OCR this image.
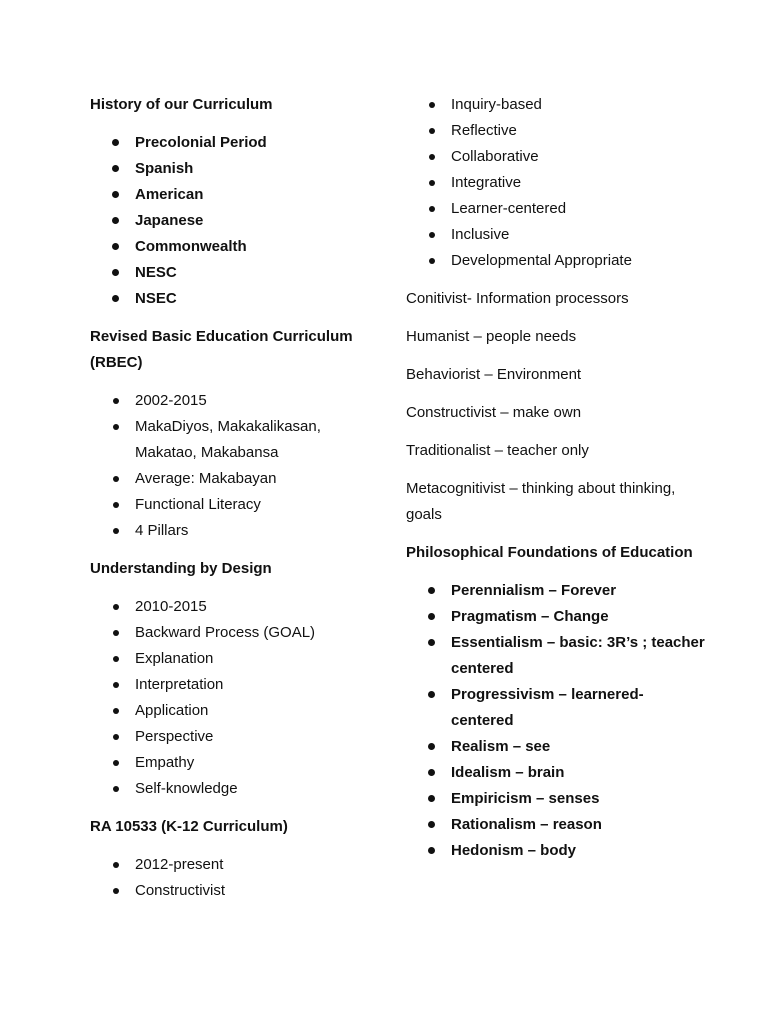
History of our Curriculum
Precolonial Period
Spanish
American
Japanese
Commonwealth
NESC
NSEC
Revised Basic Education Curriculum (RBEC)
2002-2015
MakaDiyos, Makakalikasan, Makatao, Makabansa
Average: Makabayan
Functional Literacy
4 Pillars
Understanding by Design
2010-2015
Backward Process (GOAL)
Explanation
Interpretation
Application
Perspective
Empathy
Self-knowledge
RA 10533 (K-12 Curriculum)
2012-present
Constructivist
Inquiry-based
Reflective
Collaborative
Integrative
Learner-centered
Inclusive
Developmental Appropriate
Conitivist- Information processors
Humanist – people needs
Behaviorist – Environment
Constructivist – make own
Traditionalist – teacher only
Metacognitivist – thinking about thinking, goals
Philosophical Foundations of Education
Perennialism – Forever
Pragmatism – Change
Essentialism – basic: 3R’s ; teacher centered
Progressivism – learnered-centered
Realism – see
Idealism – brain
Empiricism – senses
Rationalism – reason
Hedonism – body
